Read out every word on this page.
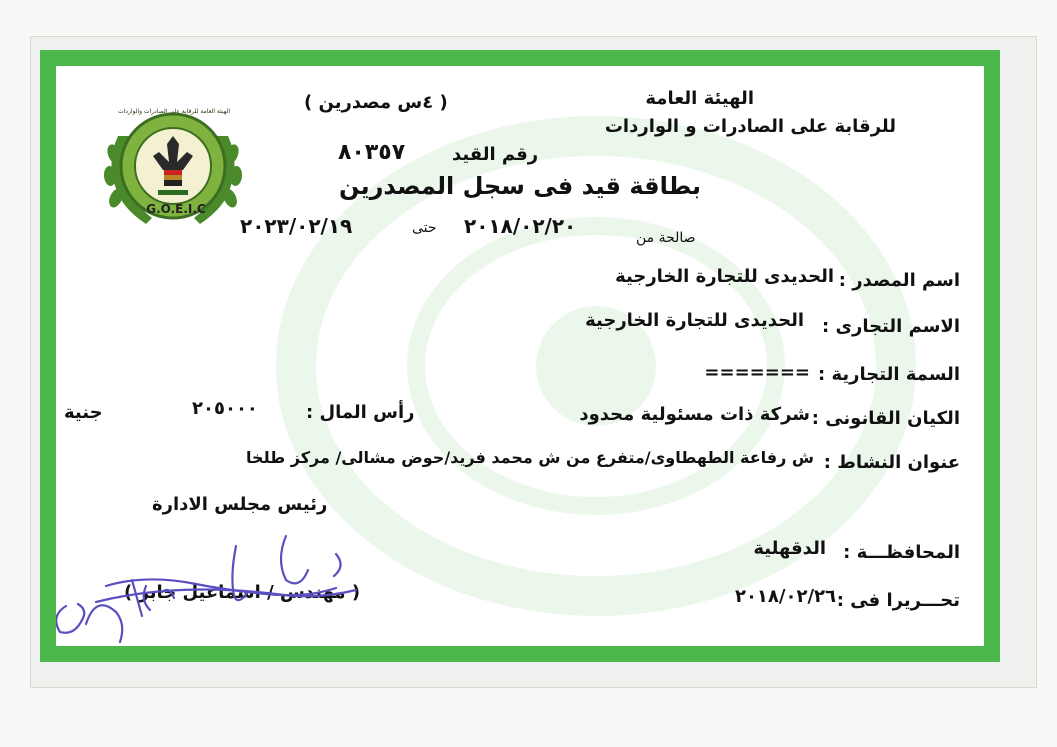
الهيئة العامة للرقابة على الصادرات والواردات
G.O.E.I.C
الهيئة العامة
للرقابة على الصادرات و الواردات
( ٤س مصدرين )
رقم القيد
٨٠٣٥٧
بطاقة قيد فى سجل المصدرين
صالحة من
٢٠١٨/٠٢/٢٠
حتى
٢٠٢٣/٠٢/١٩
اسم المصدر :
الحديدى للتجارة الخارجية
الاسم التجارى :
الحديدى للتجارة الخارجية
السمة التجارية :
=======
الكيان القانونى :
شركة ذات مسئولية محدود
رأس المال :
٢٠٥٠٠٠
جنية
عنوان النشاط :
ش رفاعة الطهطاوى/متفرع من ش محمد فريد/حوض مشالى/ مركز طلخا
المحافظـــة :
الدقهلية
تحـــريرا فى :
٢٠١٨/٠٢/٢٦
رئيس مجلس الادارة
( مهندس / اسماعيل جابر )
